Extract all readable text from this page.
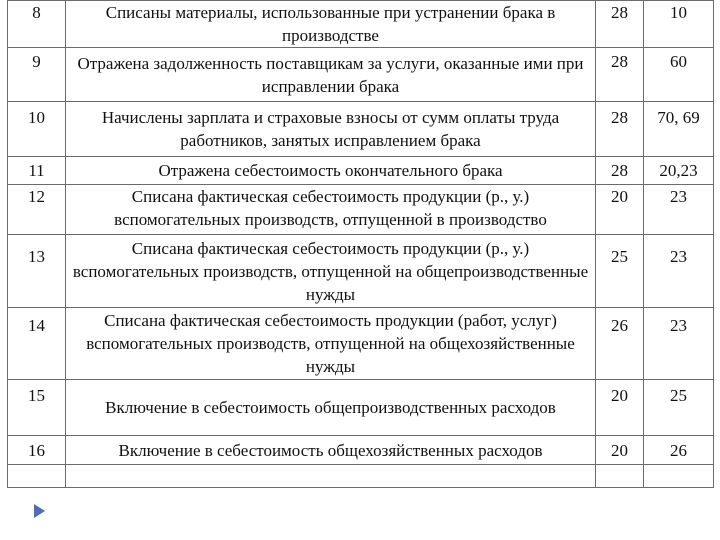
8	Списаны материалы, использованные при устранении брака в производстве	28	10
9	Отражена задолженность поставщикам за услуги, оказанные ими при исправлении брака	28	60
10	Начислены зарплата и страховые взносы от сумм оплаты труда работников, занятых исправлением брака	28	70, 69
11	Отражена себестоимость окончательного брака	28	20,23
12	Списана фактическая себестоимость продукции (р., у.) вспомогательных производств, отпущенной в производство	20	23
13	Списана фактическая себестоимость продукции (р., у.) вспомогательных производств, отпущенной на общепроизводственные нужды	25	23
14	Списана фактическая себестоимость продукции (работ, услуг) вспомогательных производств, отпущенной на общехозяйственные нужды	26	23
15	Включение в себестоимость общепроизводственных расходов	20	25
16	Включение в себестоимость общехозяйственных расходов	20	26
